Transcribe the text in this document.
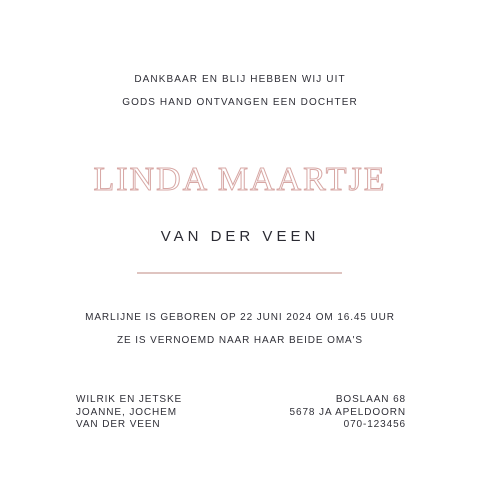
DANKBAAR EN BLIJ HEBBEN WIJ UIT
GODS HAND ONTVANGEN EEN DOCHTER
LINDA MAARTJE
VAN DER VEEN
MARLIJNE IS GEBOREN OP 22 JUNI 2024 OM 16.45 UUR
ZE IS VERNOEMD NAAR HAAR BEIDE OMA'S
WILRIK EN JETSKE
JOANNE, JOCHEM
VAN DER VEEN
BOSLAAN 68
5678 JA APELDOORN
070-123456
